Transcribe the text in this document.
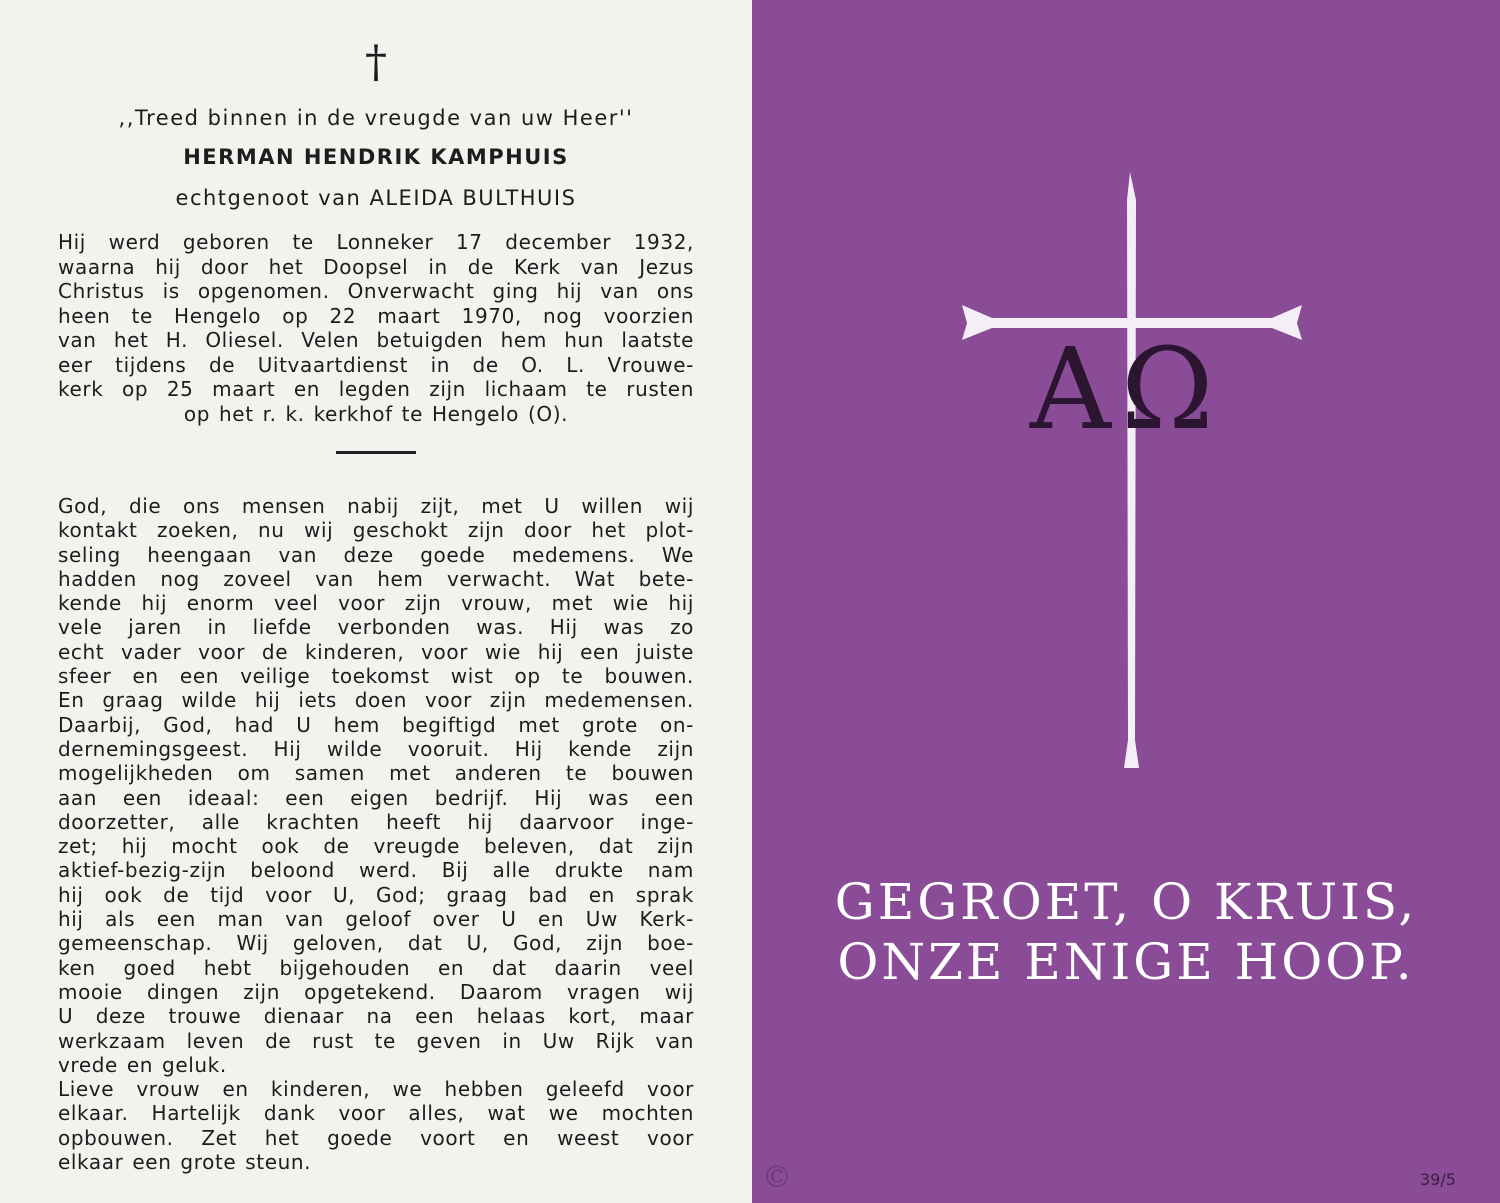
†
,,Treed binnen in de vreugde van uw Heer''
HERMAN HENDRIK KAMPHUIS
echtgenoot van ALEIDA BULTHUIS

Hij werd geboren te Lonneker 17 december 1932,

waarna hij door het Doopsel in de Kerk van Jezus

Christus is opgenomen. Onverwacht ging hij van ons

heen te Hengelo op 22 maart 1970, nog voorzien

van het H. Oliesel. Velen betuigden hem hun laatste

eer tijdens de Uitvaartdienst in de O. L. Vrouwe-

kerk op 25 maart en legden zijn lichaam te rusten

op het r. k. kerkhof te Hengelo (O).

God, die ons mensen nabij zijt, met U willen wij

kontakt zoeken, nu wij geschokt zijn door het plot-

seling heengaan van deze goede medemens. We

hadden nog zoveel van hem verwacht. Wat bete-

kende hij enorm veel voor zijn vrouw, met wie hij

vele jaren in liefde verbonden was. Hij was zo

echt vader voor de kinderen, voor wie hij een juiste

sfeer en een veilige toekomst wist op te bouwen.

En graag wilde hij iets doen voor zijn medemensen.

Daarbij, God, had U hem begiftigd met grote on-

dernemingsgeest. Hij wilde vooruit. Hij kende zijn

mogelijkheden om samen met anderen te bouwen

aan een ideaal: een eigen bedrijf. Hij was een

doorzetter, alle krachten heeft hij daarvoor inge-

zet; hij mocht ook de vreugde beleven, dat zijn

aktief-bezig-zijn beloond werd. Bij alle drukte nam

hij ook de tijd voor U, God; graag bad en sprak

hij als een man van geloof over U en Uw Kerk-

gemeenschap. Wij geloven, dat U, God, zijn boe-

ken goed hebt bijgehouden en dat daarin veel

mooie dingen zijn opgetekend. Daarom vragen wij

U deze trouwe dienaar na een helaas kort, maar

werkzaam leven de rust te geven in Uw Rijk van

vrede en geluk.

Lieve vrouw en kinderen, we hebben geleefd voor

elkaar. Hartelijk dank voor alles, wat we mochten

opbouwen. Zet het goede voort en weest voor

elkaar een grote steun.

AΩ
GEGROET, O KRUIS,
ONZE ENIGE HOOP.
©	39/5
